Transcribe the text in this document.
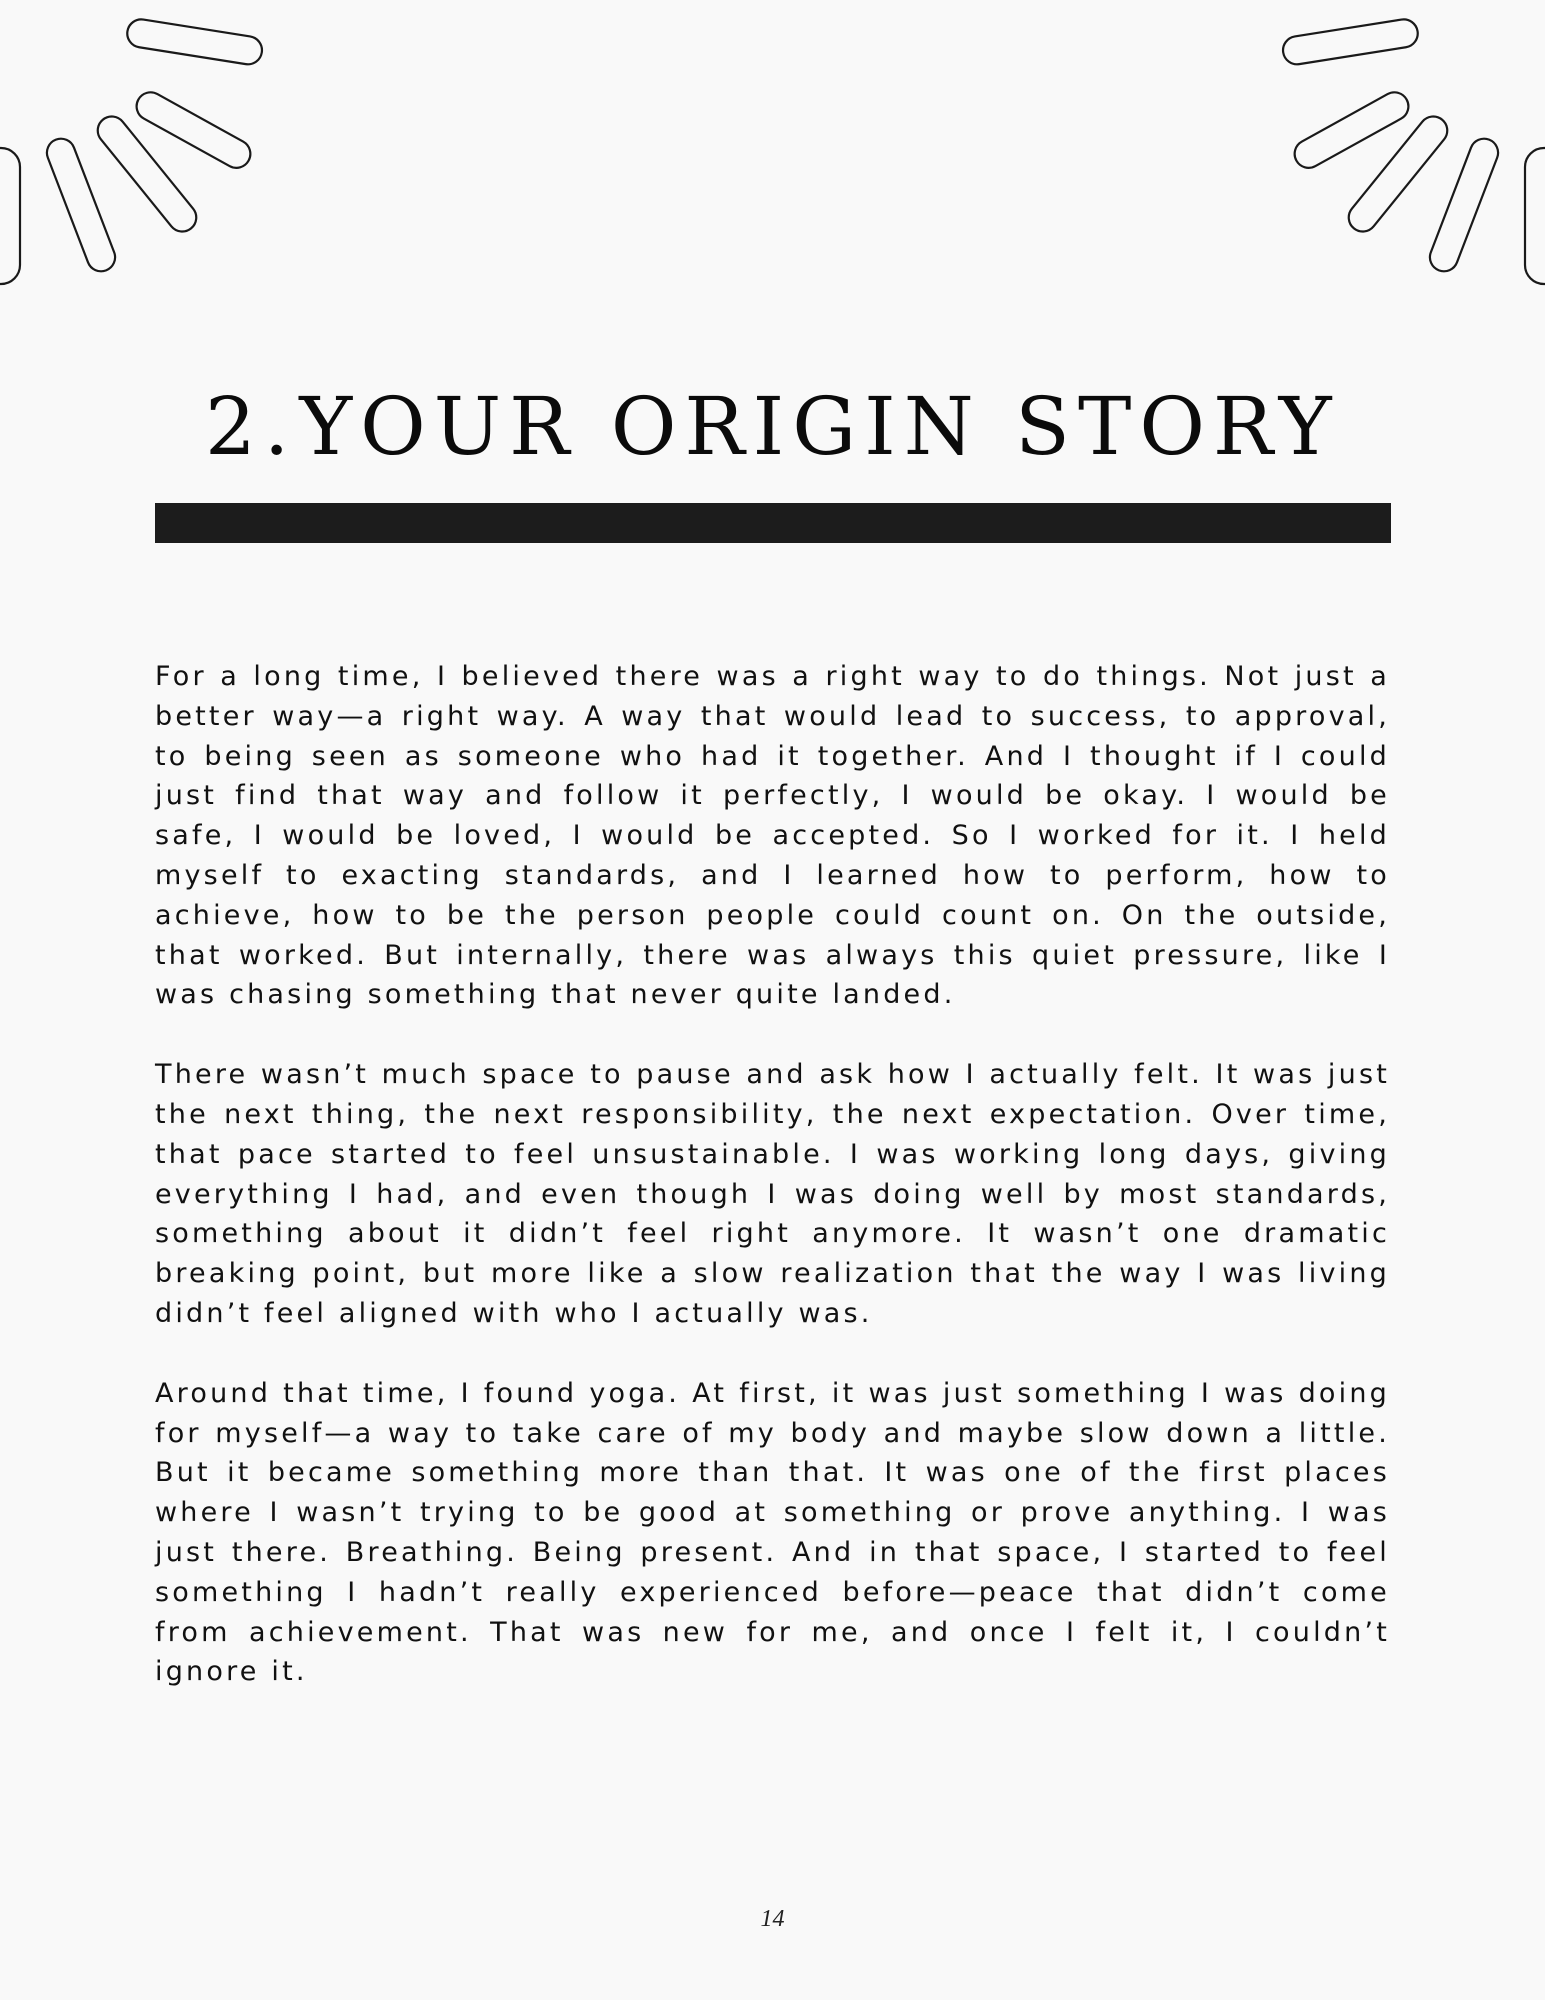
2.YOUR ORIGIN STORY

For a long time, I believed there was a right way to do things. Not just a better way—a right way. A way that would lead to success, to approval, to being seen as someone who had it together. And I thought if I could just find that way and follow it perfectly, I would be okay. I would be safe, I would be loved, I would be accepted. So I worked for it. I held myself to exacting standards, and I learned how to perform, how to achieve, how to be the person people could count on. On the outside, that worked. But internally, there was always this quiet pressure, like I was chasing something that never quite landed.

There wasn’t much space to pause and ask how I actually felt. It was just the next thing, the next responsibility, the next expectation. Over time, that pace started to feel unsustainable. I was working long days, giving everything I had, and even though I was doing well by most standards, something about it didn’t feel right anymore. It wasn’t one dramatic breaking point, but more like a slow realization that the way I was living didn’t feel aligned with who I actually was.

Around that time, I found yoga. At first, it was just something I was doing for myself—a way to take care of my body and maybe slow down a little. But it became something more than that. It was one of the first places where I wasn’t trying to be good at something or prove anything. I was just there. Breathing. Being present. And in that space, I started to feel something I hadn’t really experienced before—peace that didn’t come from achievement. That was new for me, and once I felt it, I couldn’t ignore it.

14
